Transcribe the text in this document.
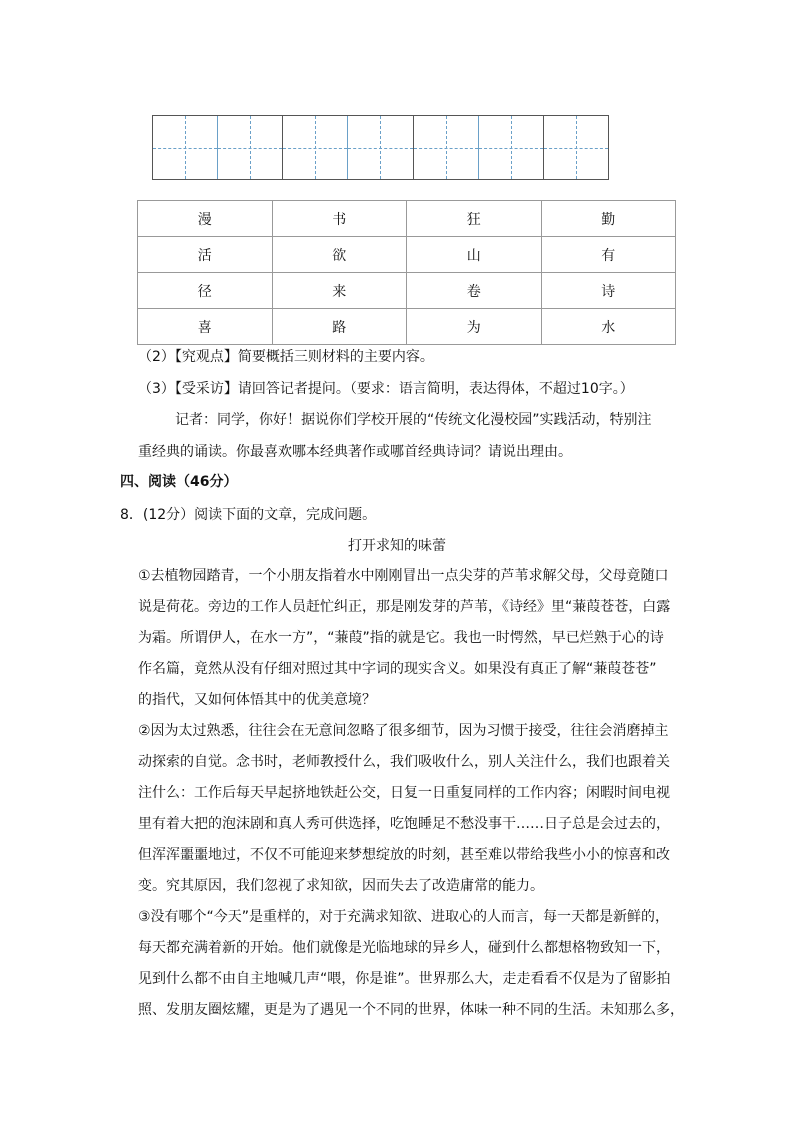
漫	书	狂	勤
活	欲	山	有
径	来	卷	诗
喜	路	为	水
（2）【究观点】简要概括三则材料的主要内容。
（3）【受采访】请回答记者提问。（要求：语言简明，表达得体，不超过10字。）
记者：同学，你好！据说你们学校开展的“传统文化漫校园”实践活动，特别注
重经典的诵读。你最喜欢哪本经典著作或哪首经典诗词？请说出理由。
四、阅读（46分）
8．(12分）阅读下面的文章，完成问题。
打开求知的味蕾
①去植物园踏青，一个小朋友指着水中刚刚冒出一点尖芽的芦苇求解父母，父母竟随口
说是荷花。旁边的工作人员赶忙纠正，那是刚发芽的芦苇，《诗经》里“蒹葭苍苍，白露
为霜。所谓伊人，在水一方”，“蒹葭”指的就是它。我也一时愕然，早已烂熟于心的诗
作名篇，竟然从没有仔细对照过其中字词的现实含义。如果没有真正了解“蒹葭苍苍”
的指代，又如何体悟其中的优美意境？
②因为太过熟悉，往往会在无意间忽略了很多细节，因为习惯于接受，往往会消磨掉主
动探索的自觉。念书时，老师教授什么，我们吸收什么，别人关注什么，我们也跟着关
注什么：工作后每天早起挤地铁赶公交，日复一日重复同样的工作内容；闲暇时间电视
里有着大把的泡沫剧和真人秀可供选择，吃饱睡足不愁没事干……日子总是会过去的，
但浑浑噩噩地过，不仅不可能迎来梦想绽放的时刻，甚至难以带给我些小小的惊喜和改
变。究其原因，我们忽视了求知欲，因而失去了改造庸常的能力。
③没有哪个“今天”是重样的，对于充满求知欲、进取心的人而言，每一天都是新鲜的，
每天都充满着新的开始。他们就像是光临地球的异乡人，碰到什么都想格物致知一下，
见到什么都不由自主地喊几声“喂，你是谁”。世界那么大，走走看看不仅是为了留影拍
照、发朋友圈炫耀，更是为了遇见一个不同的世界，体味一种不同的生活。未知那么多，
